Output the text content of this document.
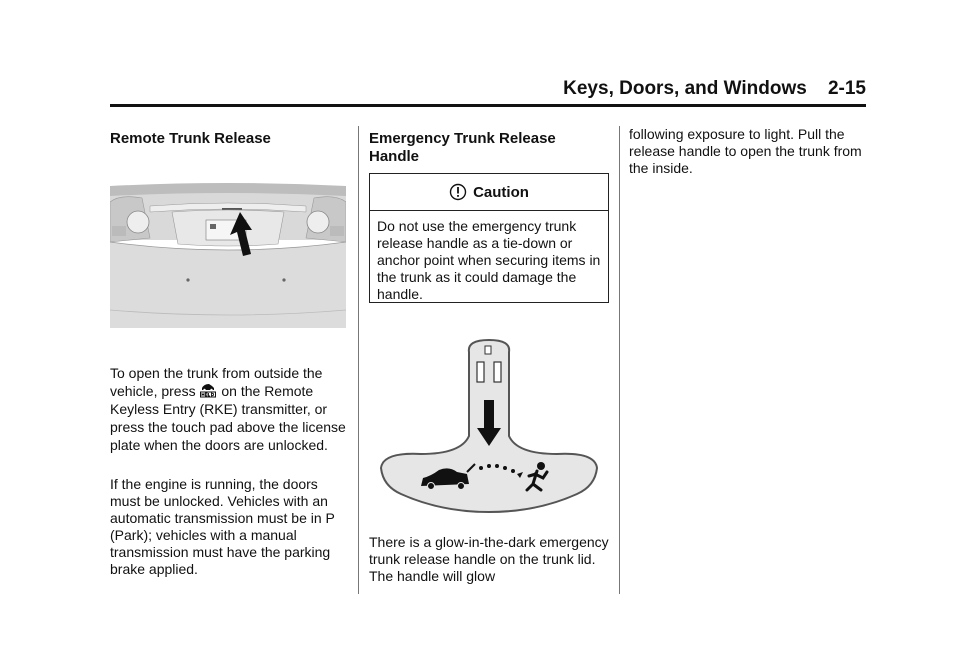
Keys, Doors, and Windows 2-15
Remote Trunk Release

To open the trunk from outside the vehicle, press  on the Remote Keyless Entry (RKE) transmitter, or press the touch pad above the license plate when the doors are unlocked.

If the engine is running, the doors must be unlocked. Vehicles with an automatic transmission must be in P (Park); vehicles with a manual transmission must have the parking brake applied.

Emergency Trunk Release Handle
Caution
Do not use the emergency trunk release handle as a tie-down or anchor point when securing items in the trunk as it could damage the handle.

There is a glow-in-the-dark emergency trunk release handle on the trunk lid. The handle will glow

following exposure to light. Pull the release handle to open the trunk from the inside.
